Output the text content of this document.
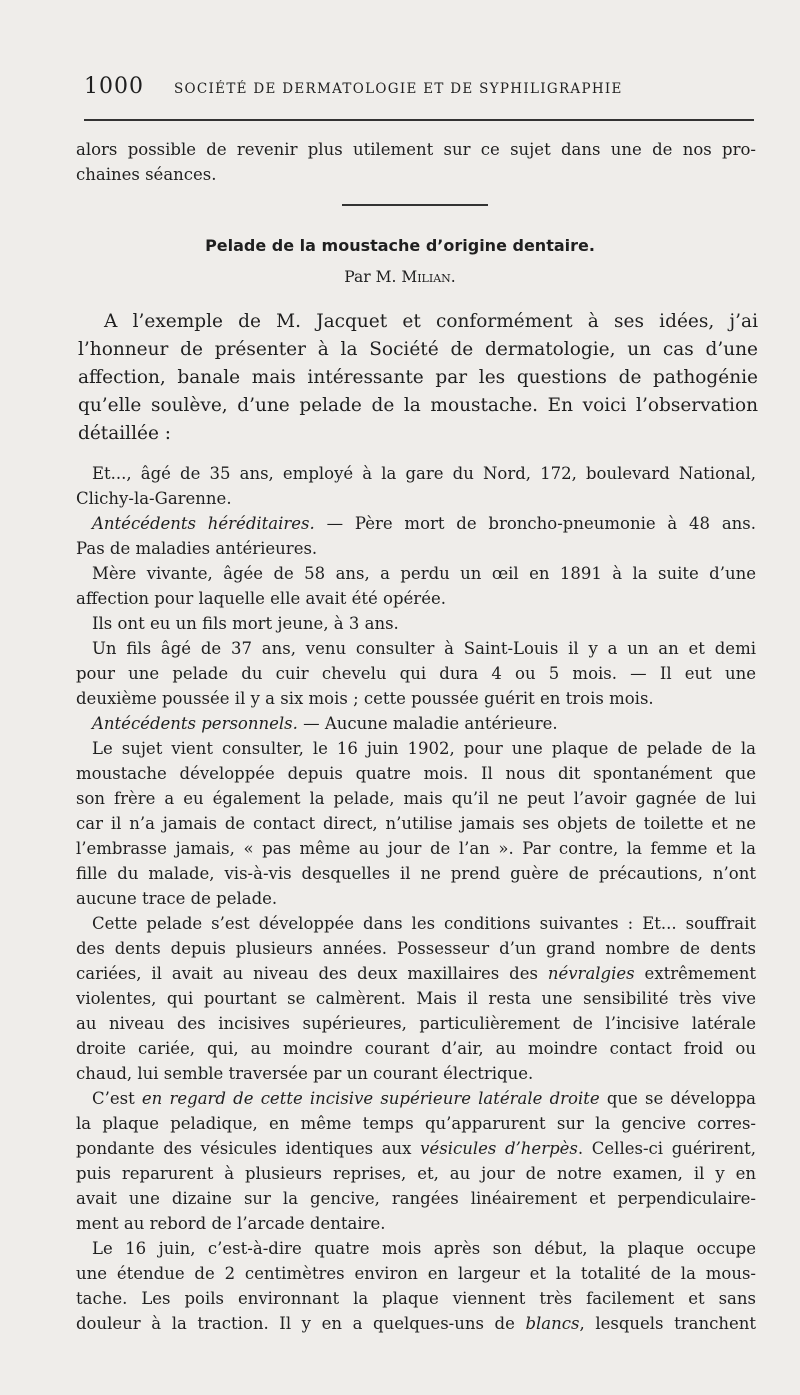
1000 SOCIÉTÉ DE DERMATOLOGIE ET DE SYPHILIGRAPHIE
alors possible de revenir plus utilement sur ce sujet dans une de nos pro-
chaines séances.
Pelade de la moustache d’origine dentaire.
Par M. Milian.
A l’exemple de M. Jacquet et conformément à ses idées, j’ai
l’honneur de présenter à la Société de dermatologie, un cas d’une
affection, banale mais intéressante par les questions de pathogénie
qu’elle soulève, d’une pelade de la moustache. En voici l’observation
détaillée :
Et..., âgé de 35 ans, employé à la gare du Nord, 172, boulevard National,
Clichy-la-Garenne.
Antécédents héréditaires. — Père mort de broncho-pneumonie à 48 ans.
Pas de maladies antérieures.
Mère vivante, âgée de 58 ans, a perdu un œil en 1891 à la suite d’une
affection pour laquelle elle avait été opérée.
Ils ont eu un fils mort jeune, à 3 ans.
Un fils âgé de 37 ans, venu consulter à Saint-Louis il y a un an et demi
pour une pelade du cuir chevelu qui dura 4 ou 5 mois. — Il eut une
deuxième poussée il y a six mois ; cette poussée guérit en trois mois.
Antécédents personnels. — Aucune maladie antérieure.
Le sujet vient consulter, le 16 juin 1902, pour une plaque de pelade de la
moustache développée depuis quatre mois. Il nous dit spontanément que
son frère a eu également la pelade, mais qu’il ne peut l’avoir gagnée de lui
car il n’a jamais de contact direct, n’utilise jamais ses objets de toilette et ne
l’embrasse jamais, « pas même au jour de l’an ». Par contre, la femme et la
fille du malade, vis-à-vis desquelles il ne prend guère de précautions, n’ont
aucune trace de pelade.
Cette pelade s’est développée dans les conditions suivantes : Et... souffrait
des dents depuis plusieurs années. Possesseur d’un grand nombre de dents
cariées, il avait au niveau des deux maxillaires des névralgies extrêmement
violentes, qui pourtant se calmèrent. Mais il resta une sensibilité très vive
au niveau des incisives supérieures, particulièrement de l’incisive latérale
droite cariée, qui, au moindre courant d’air, au moindre contact froid ou
chaud, lui semble traversée par un courant électrique.
C’est en regard de cette incisive supérieure latérale droite que se développa
la plaque peladique, en même temps qu’apparurent sur la gencive corres-
pondante des vésicules identiques aux vésicules d’herpès. Celles-ci guérirent,
puis reparurent à plusieurs reprises, et, au jour de notre examen, il y en
avait une dizaine sur la gencive, rangées linéairement et perpendiculaire-
ment au rebord de l’arcade dentaire.
Le 16 juin, c’est-à-dire quatre mois après son début, la plaque occupe
une étendue de 2 centimètres environ en largeur et la totalité de la mous-
tache. Les poils environnant la plaque viennent très facilement et sans
douleur à la traction. Il y en a quelques-uns de blancs, lesquels tranchent
